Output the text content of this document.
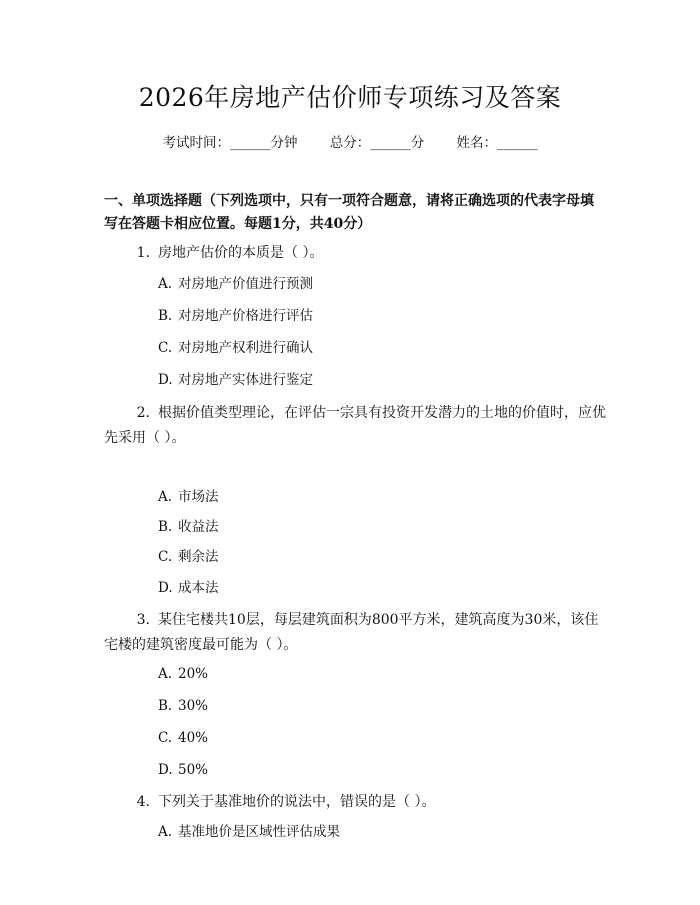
2026年房地产估价师专项练习及答案
考试时间：______分钟 总分：______分 姓名：______
一、单项选择题（下列选项中，只有一项符合题意，请将正确选项的代表字母填写在答题卡相应位置。每题1分，共40分）
1. 房地产估价的本质是（ ）。
A. 对房地产价值进行预测
B. 对房地产价格进行评估
C. 对房地产权利进行确认
D. 对房地产实体进行鉴定
2. 根据价值类型理论，在评估一宗具有投资开发潜力的土地的价值时，应优
先采用（ ）。
A. 市场法
B. 收益法
C. 剩余法
D. 成本法
3. 某住宅楼共10层，每层建筑面积为800平方米，建筑高度为30米，该住
宅楼的建筑密度最可能为（ ）。
A. 20%
B. 30%
C. 40%
D. 50%
4. 下列关于基准地价的说法中，错误的是（ ）。
A. 基准地价是区域性评估成果
